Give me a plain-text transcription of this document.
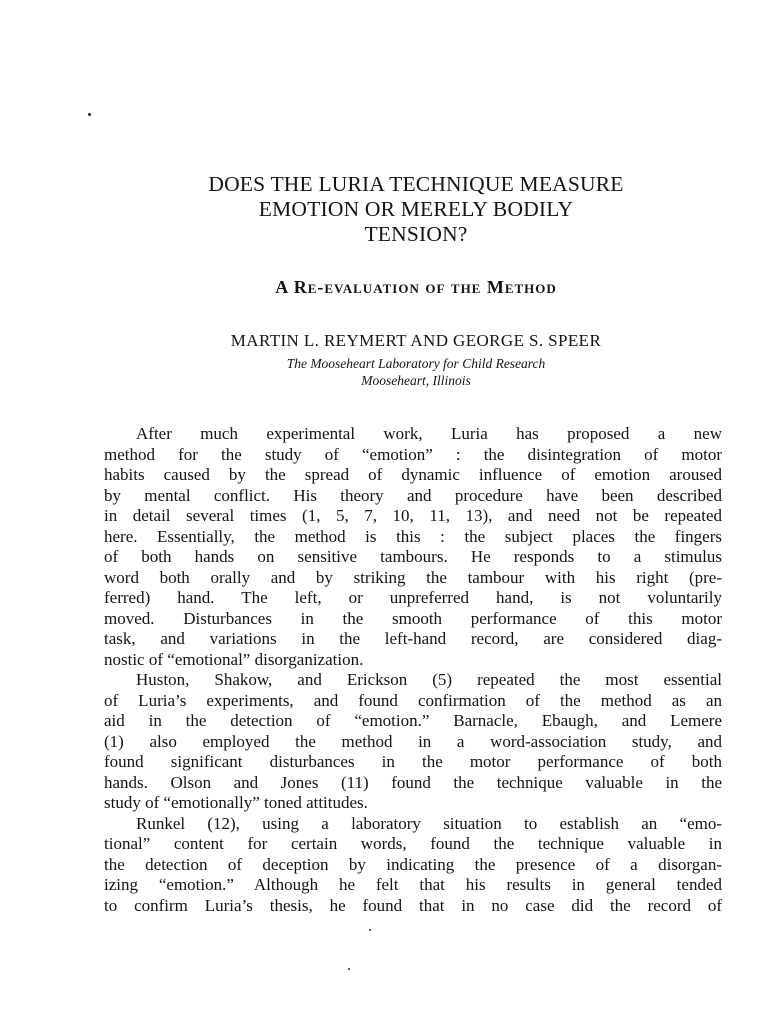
DOES THE LURIA TECHNIQUE MEASURE
EMOTION OR MERELY BODILY
TENSION?
A Re-evaluation of the Method
MARTIN L. REYMERT AND GEORGE S. SPEER
The Mooseheart Laboratory for Child Research
Mooseheart, Illinois

After much experimental work, Luria has proposed a new
method for the study of “emotion” : the disintegration of motor
habits caused by the spread of dynamic influence of emotion aroused
by mental conflict. His theory and procedure have been described
in detail several times (1, 5, 7, 10, 11, 13), and need not be repeated
here. Essentially, the method is this : the subject places the fingers
of both hands on sensitive tambours. He responds to a stimulus
word both orally and by striking the tambour with his right (pre-
ferred) hand. The left, or unpreferred hand, is not voluntarily
moved. Disturbances in the smooth performance of this motor
task, and variations in the left-hand record, are considered diag-
nostic of “emotional” disorganization.

Huston, Shakow, and Erickson (5) repeated the most essential
of Luria’s experiments, and found confirmation of the method as an
aid in the detection of “emotion.” Barnacle, Ebaugh, and Lemere
(1) also employed the method in a word-association study, and
found significant disturbances in the motor performance of both
hands. Olson and Jones (11) found the technique valuable in the
study of “emotionally” toned attitudes.

Runkel (12), using a laboratory situation to establish an “emo-
tional” content for certain words, found the technique valuable in
the detection of deception by indicating the presence of a disorgan-
izing “emotion.” Although he felt that his results in general tended
to confirm Luria’s thesis, he found that in no case did the record of
